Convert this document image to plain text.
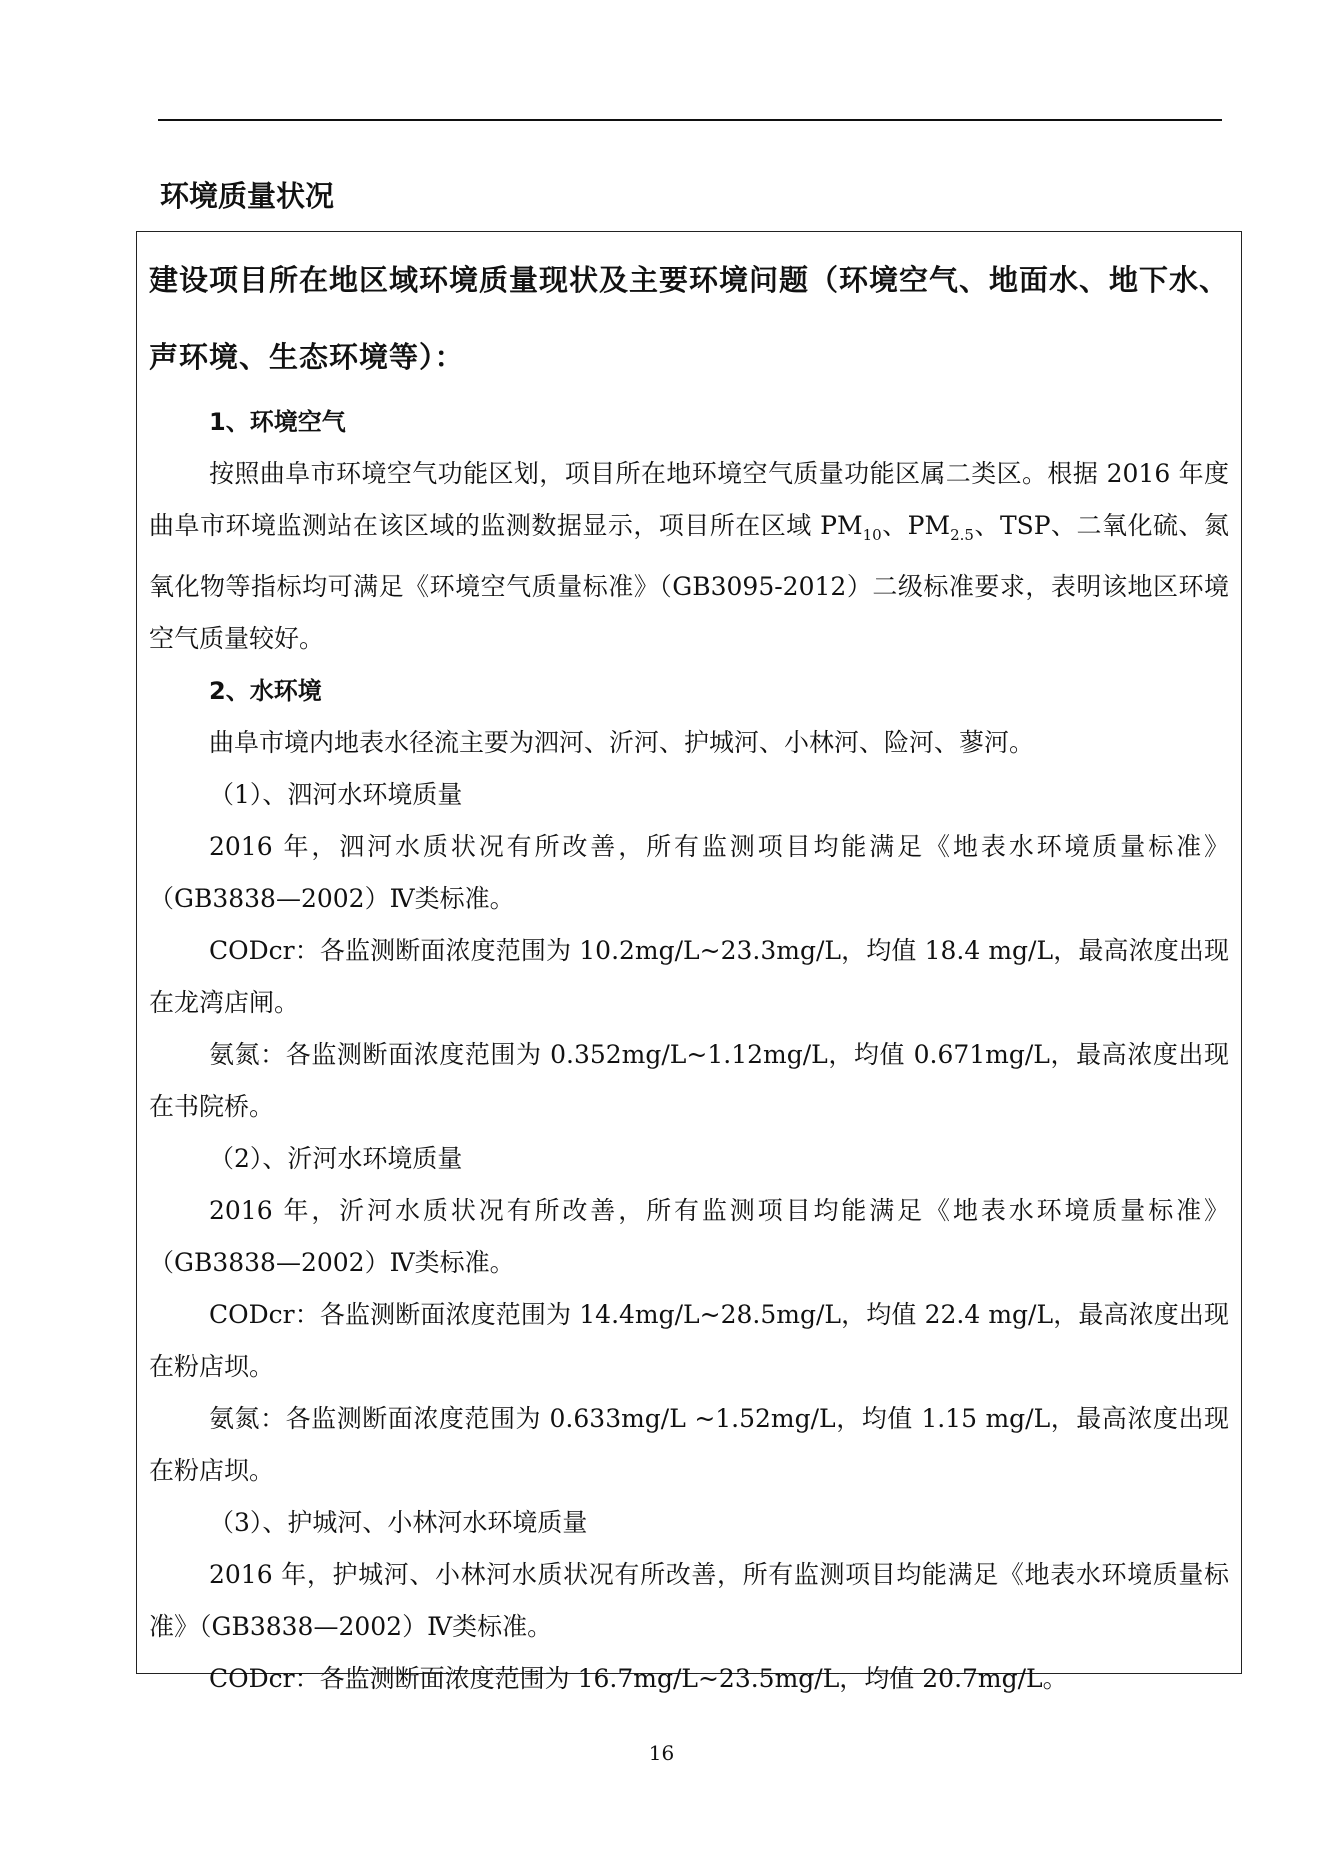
环境质量状况

建设项目所在地区域环境质量现状及主要环境问题（环境空气、地面水、地下水、声环境、生态环境等）：

1、环境空气

按照曲阜市环境空气功能区划，项目所在地环境空气质量功能区属二类区。根据 2016 年度曲阜市环境监测站在该区域的监测数据显示，项目所在区域 $PM_{10}$、$PM_{2.5}$、TSP、二氧化硫、氮氧化物等指标均可满足《环境空气质量标准》（GB3095-2012）二级标准要求，表明该地区环境空气质量较好。

2、水环境

曲阜市境内地表水径流主要为泗河、沂河、护城河、小林河、险河、蓼河。

（1）、泗河水环境质量

2016 年，泗河水质状况有所改善，所有监测项目均能满足《地表水环境质量标准》（GB3838—2002）Ⅳ类标准。

CODcr：各监测断面浓度范围为 10.2mg/L~23.3mg/L，均值 18.4 mg/L，最高浓度出现在龙湾店闸。

氨氮：各监测断面浓度范围为 0.352mg/L~1.12mg/L，均值 0.671mg/L，最高浓度出现在书院桥。

（2）、沂河水环境质量

2016 年，沂河水质状况有所改善，所有监测项目均能满足《地表水环境质量标准》（GB3838—2002）Ⅳ类标准。

CODcr：各监测断面浓度范围为 14.4mg/L~28.5mg/L，均值 22.4 mg/L，最高浓度出现在粉店坝。

氨氮：各监测断面浓度范围为 0.633mg/L ~1.52mg/L，均值 1.15 mg/L，最高浓度出现在粉店坝。

（3）、护城河、小林河水环境质量

2016 年，护城河、小林河水质状况有所改善，所有监测项目均能满足《地表水环境质量标准》（GB3838—2002）Ⅳ类标准。

CODcr：各监测断面浓度范围为 16.7mg/L~23.5mg/L，均值 20.7mg/L。

16
